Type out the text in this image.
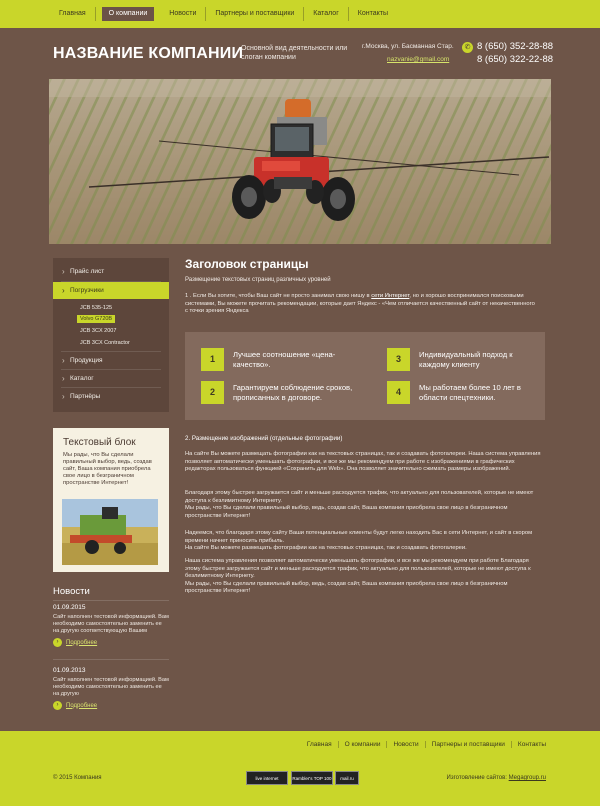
Главная	О компании	Новости	Партнеры и поставщики	Каталог	Контакты
НАЗВАНИЕ КОМПАНИИ
Основной вид деятельности или слоган компании
г.Москва, ул. Басманная Стар.
nazvanie@gmail.com
✆ 8 (650) 352-28-88
8 (650) 322-22-88
› Прайс лист
› Погрузчики
JCB 535-125
Volvo G720B
JCB 3CX 2007
JCB 3CX Contractor
› Продукция
› Каталог
› Партнёры
Текстовый блок
Мы рады, что Вы сделали правильный выбор, ведь, создав сайт, Ваша компания приобрела свое лицо в безграничном пространстве Интернет!
Новости
01.09.2015
Сайт наполнен тестовой информацией. Вам необходимо самостоятельно заменить ее на другую соответствующую Вашим
›	Подробнее
01.09.2013
Сайт наполнен тестовой информацией. Вам необходимо самостоятельно заменить ее на другую
›	Подробнее
Заголовок страницы
Размещение текстовых страниц различных уровней
1 . Если Вы хотите, чтобы Ваш сайт не просто занимал свою нишу в сети Интернет, но и хорошо воспринимался поисковыми системами, Вы можете прочитать рекомендации, которые дает Яндекс - «Чем отличается качественный сайт от некачественного с точки зрения Яндекса
1	Лучшее соотношение «цена-качество».	3	Индивидуальный подход к каждому клиенту
2	Гарантируем соблюдение сроков, прописанных в договоре.	4	Мы работаем более 10 лет в области спецтехники.
2. Размещение изображений (отдельные фотографии)
На сайте Вы можете размещать фотографии как на текстовых страницах, так и создавать фотогалереи. Наша система управления позволяет автоматически уменьшать фотографии, и все же мы рекомендуем при работе с изображениями в графических редакторах пользоваться функцией «Сохранить для Web». Она позволяет значительно сжимать размеры изображений.
Благодаря этому быстрее загружается сайт и меньше расходуется трафик, что актуально для пользователей, которые не имеют доступа к безлимитному Интернету.
Мы рады, что Вы сделали правильный выбор, ведь, создав сайт, Ваша компания приобрела свое лицо в безграничном пространстве Интернет!
Надеемся, что благодаря этому сайту Ваши потенциальные клиенты будут легко находить Вас в сети Интернет, и сайт в скором времени начнет приносить прибыль.
На сайте Вы можете размещать фотографии как на текстовых страницах, так и создавать фотогалереи.
Наша система управления позволяет автоматически уменьшать фотографии, и все же мы рекомендуем при работе Благодаря этому быстрее загружается сайт и меньше расходуется трафик, что актуально для пользователей, которые не имеют доступа к безлимитному Интернету.
Мы рады, что Вы сделали правильный выбор, ведь, создав сайт, Ваша компания приобрела свое лицо в безграничном пространстве Интернет!
Главная	О компании	Новости	Партнеры и поставщики	Контакты
© 2015 Компания	live internet	Rambler's TOP 100	mail.ru	Изготовление сайтов: Megagroup.ru
